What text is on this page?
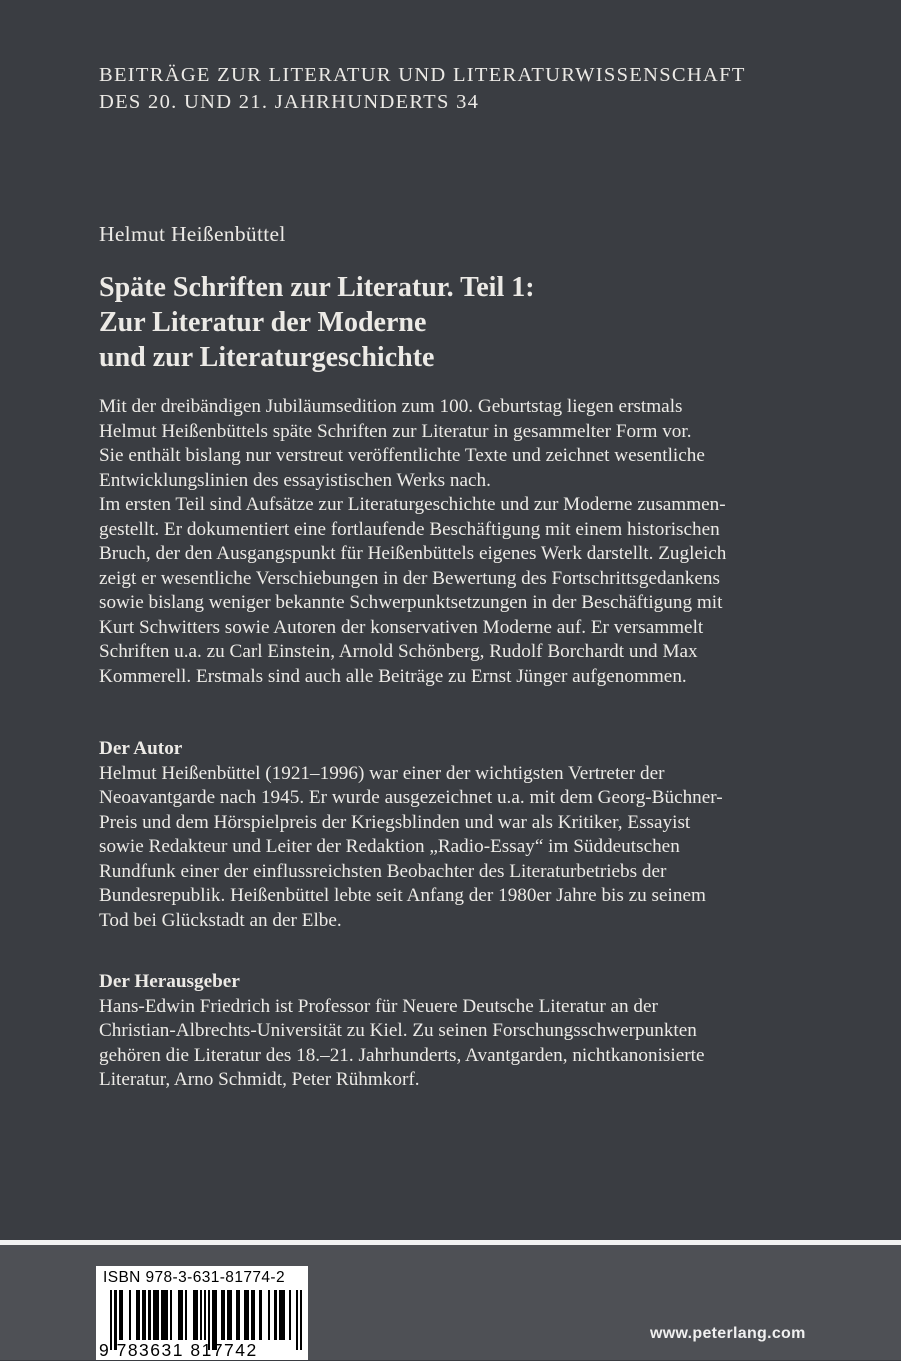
BEITRÄGE ZUR LITERATUR UND LITERATURWISSENSCHAFT
DES 20. UND 21. JAHRHUNDERTS 34
Helmut Heißenbüttel
Späte Schriften zur Literatur. Teil 1:
Zur Literatur der Moderne
und zur Literaturgeschichte
Mit der dreibändigen Jubiläumsedition zum 100. Geburtstag liegen erstmals
Helmut Heißenbüttels späte Schriften zur Literatur in gesammelter Form vor.
Sie enthält bislang nur verstreut veröffentlichte Texte und zeichnet wesentliche
Entwicklungslinien des essayistischen Werks nach.
Im ersten Teil sind Aufsätze zur Literaturgeschichte und zur Moderne zusammen-
gestellt. Er dokumentiert eine fortlaufende Beschäftigung mit einem historischen
Bruch, der den Ausgangspunkt für Heißenbüttels eigenes Werk darstellt. Zugleich
zeigt er wesentliche Verschiebungen in der Bewertung des Fortschrittsgedankens
sowie bislang weniger bekannte Schwerpunktsetzungen in der Beschäftigung mit
Kurt Schwitters sowie Autoren der konservativen Moderne auf. Er versammelt
Schriften u.a. zu Carl Einstein, Arnold Schönberg, Rudolf Borchardt und Max
Kommerell. Erstmals sind auch alle Beiträge zu Ernst Jünger aufgenommen.
Der Autor
Helmut Heißenbüttel (1921–1996) war einer der wichtigsten Vertreter der
Neoavantgarde nach 1945. Er wurde ausgezeichnet u.a. mit dem Georg-Büchner-
Preis und dem Hörspielpreis der Kriegsblinden und war als Kritiker, Essayist
sowie Redakteur und Leiter der Redaktion „Radio-Essay“ im Süddeutschen
Rundfunk einer der einflussreichsten Beobachter des Literaturbetriebs der
Bundesrepublik. Heißenbüttel lebte seit Anfang der 1980er Jahre bis zu seinem
Tod bei Glückstadt an der Elbe.
Der Herausgeber
Hans-Edwin Friedrich ist Professor für Neuere Deutsche Literatur an der
Christian-Albrechts-Universität zu Kiel. Zu seinen Forschungsschwerpunkten
gehören die Literatur des 18.–21. Jahrhunderts, Avantgarden, nichtkanonisierte
Literatur, Arno Schmidt, Peter Rühmkorf.
ISBN 978-3-631-81774-2
9 783631 817742
www.peterlang.com
